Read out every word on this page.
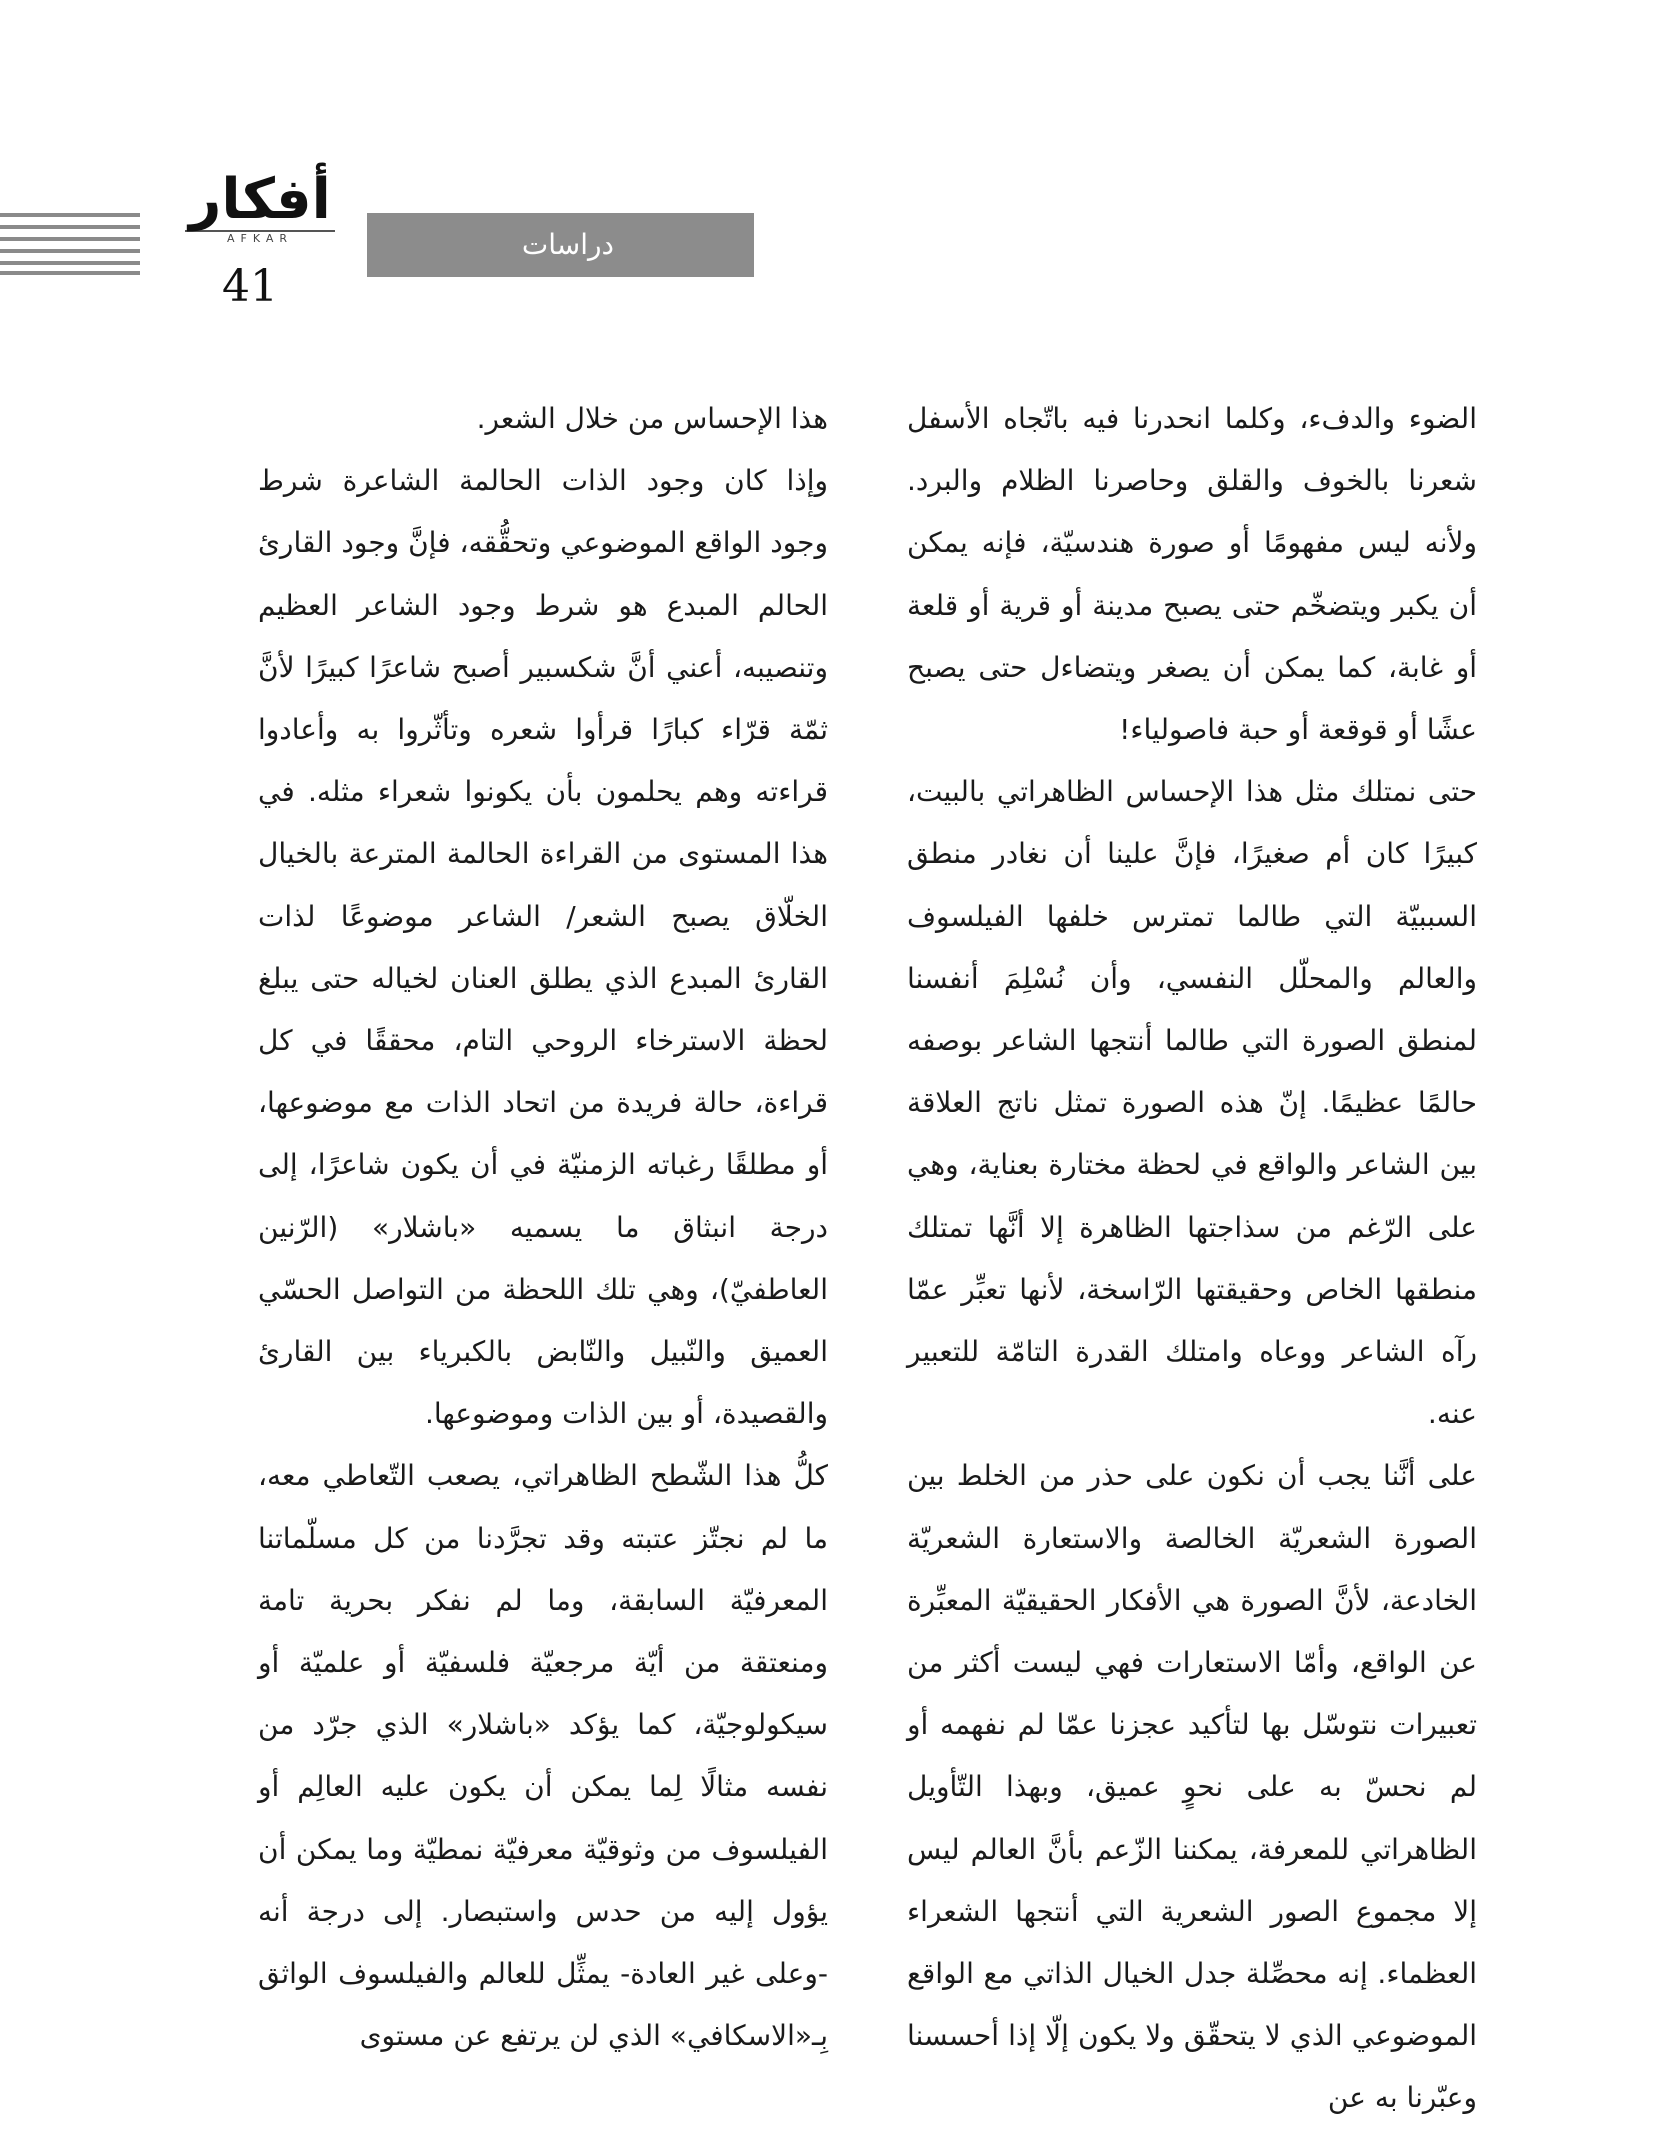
أفكار
AFKAR
41
دراسات

الضوء والدفء، وكلما انحدرنا فيه باتّجاه الأسفل شعرنا بالخوف والقلق وحاصرنا الظلام والبرد. ولأنه ليس مفهومًا أو صورة هندسيّة، فإنه يمكن أن يكبر ويتضخّم حتى يصبح مدينة أو قرية أو قلعة أو غابة، كما يمكن أن يصغر ويتضاءل حتى يصبح عشًا أو قوقعة أو حبة فاصولياء!

حتى نمتلك مثل هذا الإحساس الظاهراتي بالبيت، كبيرًا كان أم صغيرًا، فإنَّ علينا أن نغادر منطق السببيّة التي طالما تمترس خلفها الفيلسوف والعالم والمحلّل النفسي، وأن نُسْلِمَ أنفسنا لمنطق الصورة التي طالما أنتجها الشاعر بوصفه حالمًا عظيمًا. إنّ هذه الصورة تمثل ناتج العلاقة بين الشاعر والواقع في لحظة مختارة بعناية، وهي على الرّغم من سذاجتها الظاهرة إلا أنَّها تمتلك منطقها الخاص وحقيقتها الرّاسخة، لأنها تعبِّر عمّا رآه الشاعر ووعاه وامتلك القدرة التامّة للتعبير عنه.

على أنَّنا يجب أن نكون على حذر من الخلط بين الصورة الشعريّة الخالصة والاستعارة الشعريّة الخادعة، لأنَّ الصورة هي الأفكار الحقيقيّة المعبِّرة عن الواقع، وأمّا الاستعارات فهي ليست أكثر من تعبيرات نتوسّل بها لتأكيد عجزنا عمّا لم نفهمه أو لم نحسّ به على نحوٍ عميق، وبهذا التّأويل الظاهراتي للمعرفة، يمكننا الزّعم بأنَّ العالم ليس إلا مجموع الصور الشعرية التي أنتجها الشعراء العظماء. إنه محصِّلة جدل الخيال الذاتي مع الواقع الموضوعي الذي لا يتحقّق ولا يكون إلّا إذا أحسسنا وعبّرنا به عن

هذا الإحساس من خلال الشعر.

وإذا كان وجود الذات الحالمة الشاعرة شرط وجود الواقع الموضوعي وتحقُّقه، فإنَّ وجود القارئ الحالم المبدع هو شرط وجود الشاعر العظيم وتنصيبه، أعني أنَّ شكسبير أصبح شاعرًا كبيرًا لأنَّ ثمّة قرّاء كبارًا قرأوا شعره وتأثّروا به وأعادوا قراءته وهم يحلمون بأن يكونوا شعراء مثله. في هذا المستوى من القراءة الحالمة المترعة بالخيال الخلّاق يصبح الشعر/ الشاعر موضوعًا لذات القارئ المبدع الذي يطلق العنان لخياله حتى يبلغ لحظة الاسترخاء الروحي التام، محققًا في كل قراءة، حالة فريدة من اتحاد الذات مع موضوعها، أو مطلقًا رغباته الزمنيّة في أن يكون شاعرًا، إلى درجة انبثاق ما يسميه «باشلار» (الرّنين العاطفيّ)، وهي تلك اللحظة من التواصل الحسّي العميق والنّبيل والنّابض بالكبرياء بين القارئ والقصيدة، أو بين الذات وموضوعها.

كلُّ هذا الشّطح الظاهراتي، يصعب التّعاطي معه، ما لم نجتّز عتبته وقد تجرَّدنا من كل مسلّماتنا المعرفيّة السابقة، وما لم نفكر بحرية تامة ومنعتقة من أيّة مرجعيّة فلسفيّة أو علميّة أو سيكولوجيّة، كما يؤكد «باشلار» الذي جرّد من نفسه مثالًا لِما يمكن أن يكون عليه العالِم أو الفيلسوف من وثوقيّة معرفيّة نمطيّة وما يمكن أن يؤول إليه من حدس واستبصار. إلى درجة أنه -وعلى غير العادة- يمثِّل للعالم والفيلسوف الواثق بِـ«الاسكافي» الذي لن يرتفع عن مستوى
